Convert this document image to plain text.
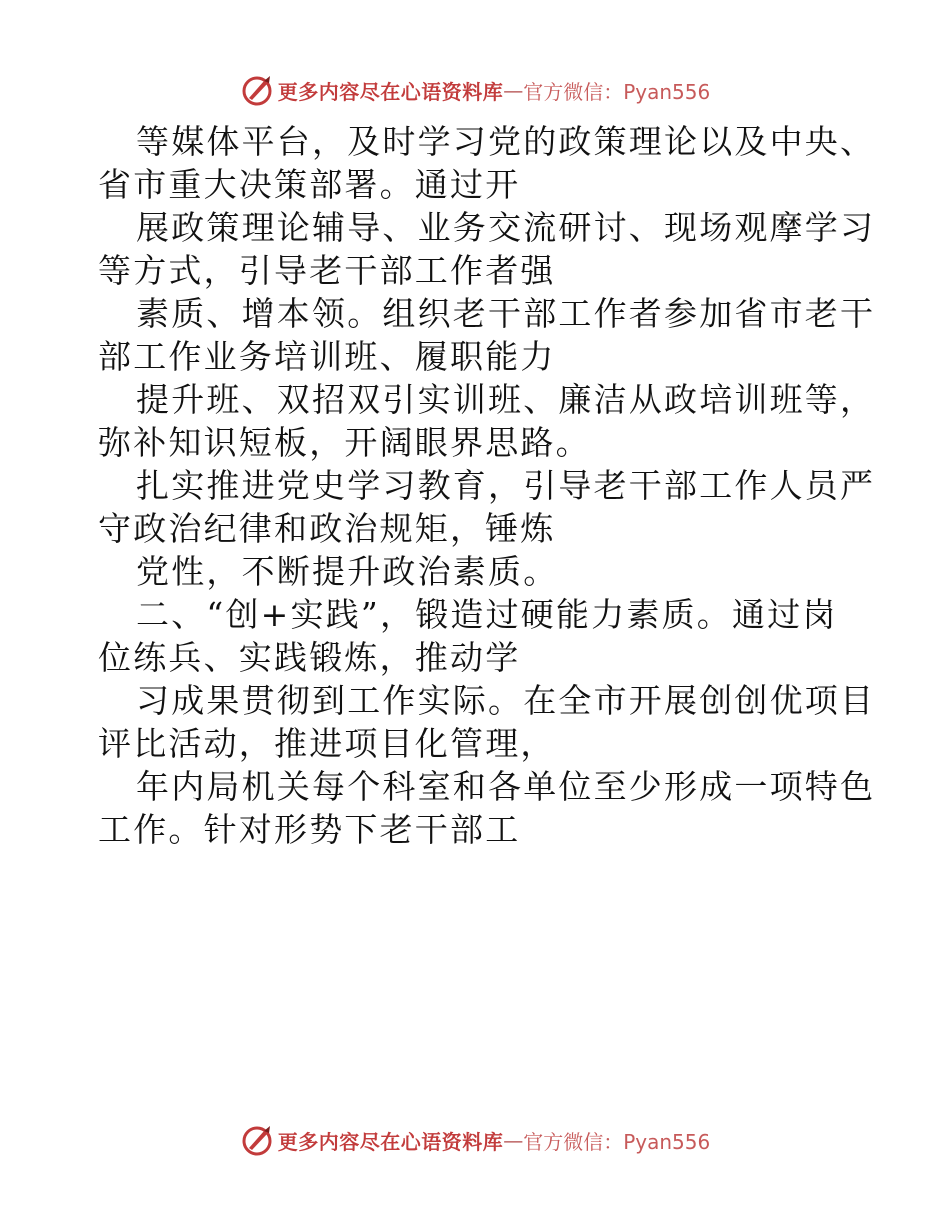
更多内容尽在心语资料库 — 官方微信：Pyan556
等媒体平台，及时学习党的政策理论以及中央、
省市重大决策部署。通过开
展政策理论辅导、业务交流研讨、现场观摩学习
等方式，引导老干部工作者强
素质、增本领。组织老干部工作者参加省市老干
部工作业务培训班、履职能力
提升班、双招双引实训班、廉洁从政培训班等，
弥补知识短板，开阔眼界思路。
扎实推进党史学习教育，引导老干部工作人员严
守政治纪律和政治规矩，锤炼
党性，不断提升政治素质。
二、“创+实践”，锻造过硬能力素质。通过岗
位练兵、实践锻炼，推动学
习成果贯彻到工作实际。在全市开展创创优项目
评比活动，推进项目化管理，
年内局机关每个科室和各单位至少形成一项特色
工作。针对形势下老干部工
更多内容尽在心语资料库 — 官方微信：Pyan556
